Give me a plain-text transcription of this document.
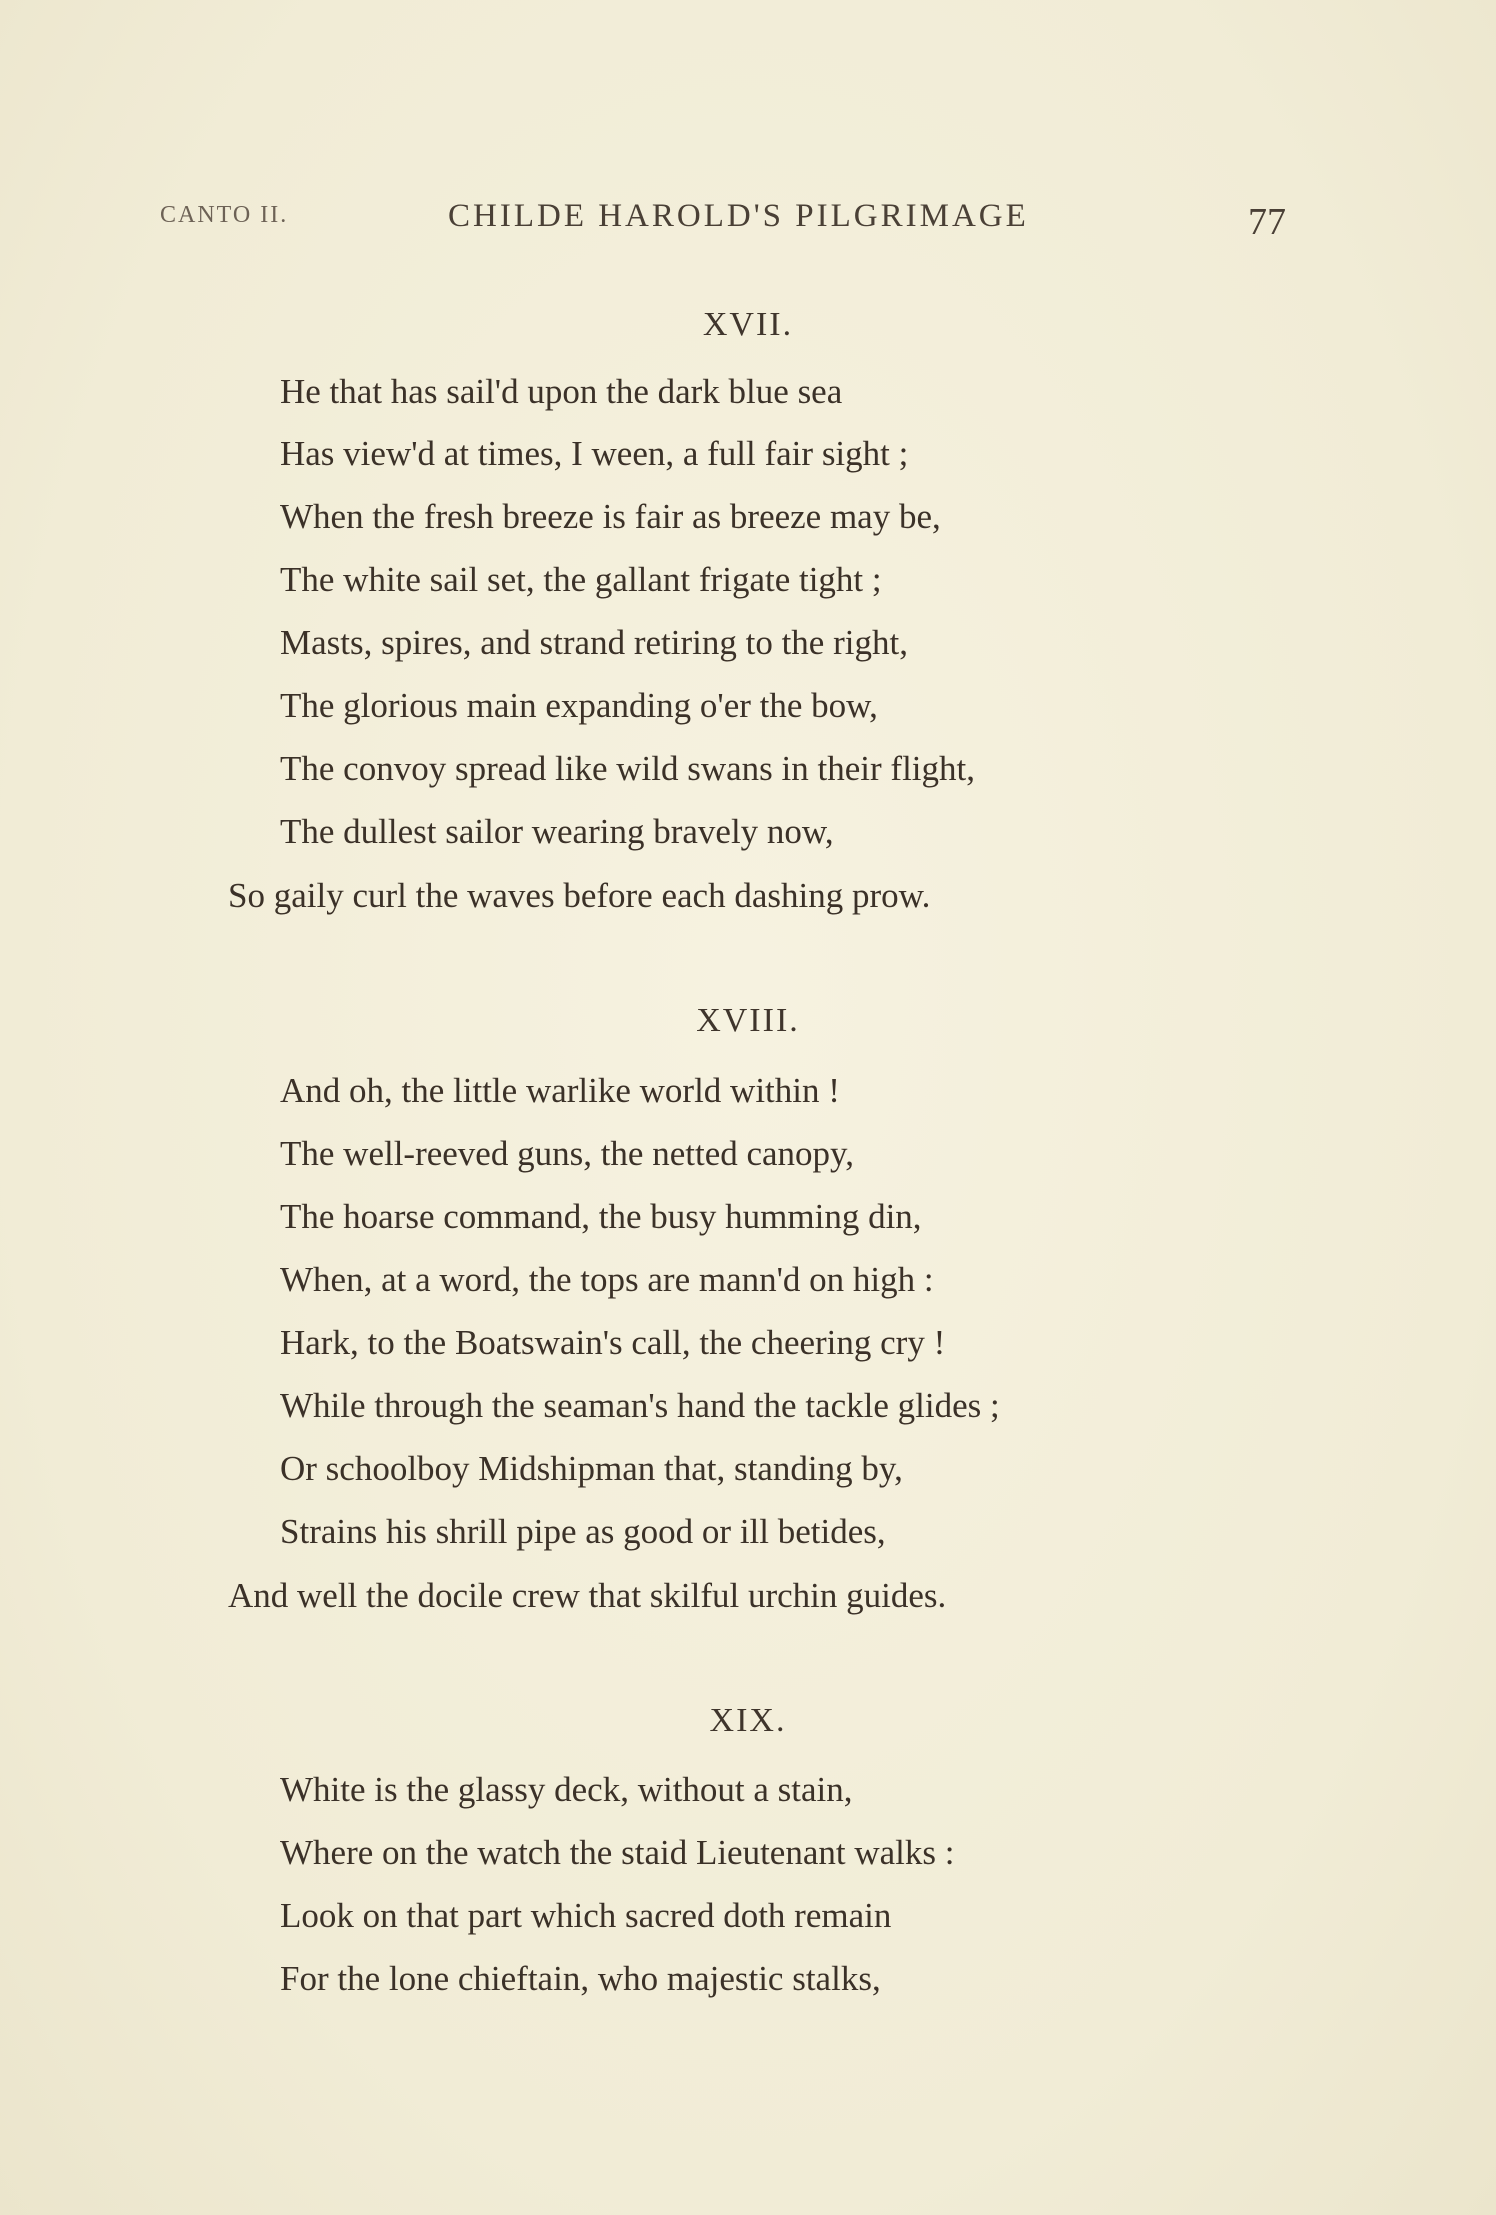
CANTO II.	CHILDE HAROLD'S PILGRIMAGE	77
XVII.
He that has sail'd upon the dark blue sea
Has view'd at times, I ween, a full fair sight ;
When the fresh breeze is fair as breeze may be,
The white sail set, the gallant frigate tight ;
Masts, spires, and strand retiring to the right,
The glorious main expanding o'er the bow,
The convoy spread like wild swans in their flight,
The dullest sailor wearing bravely now,
So gaily curl the waves before each dashing prow.
XVIII.
And oh, the little warlike world within !
The well-reeved guns, the netted canopy,
The hoarse command, the busy humming din,
When, at a word, the tops are mann'd on high :
Hark, to the Boatswain's call, the cheering cry !
While through the seaman's hand the tackle glides ;
Or schoolboy Midshipman that, standing by,
Strains his shrill pipe as good or ill betides,
And well the docile crew that skilful urchin guides.
XIX.
White is the glassy deck, without a stain,
Where on the watch the staid Lieutenant walks :
Look on that part which sacred doth remain
For the lone chieftain, who majestic stalks,
